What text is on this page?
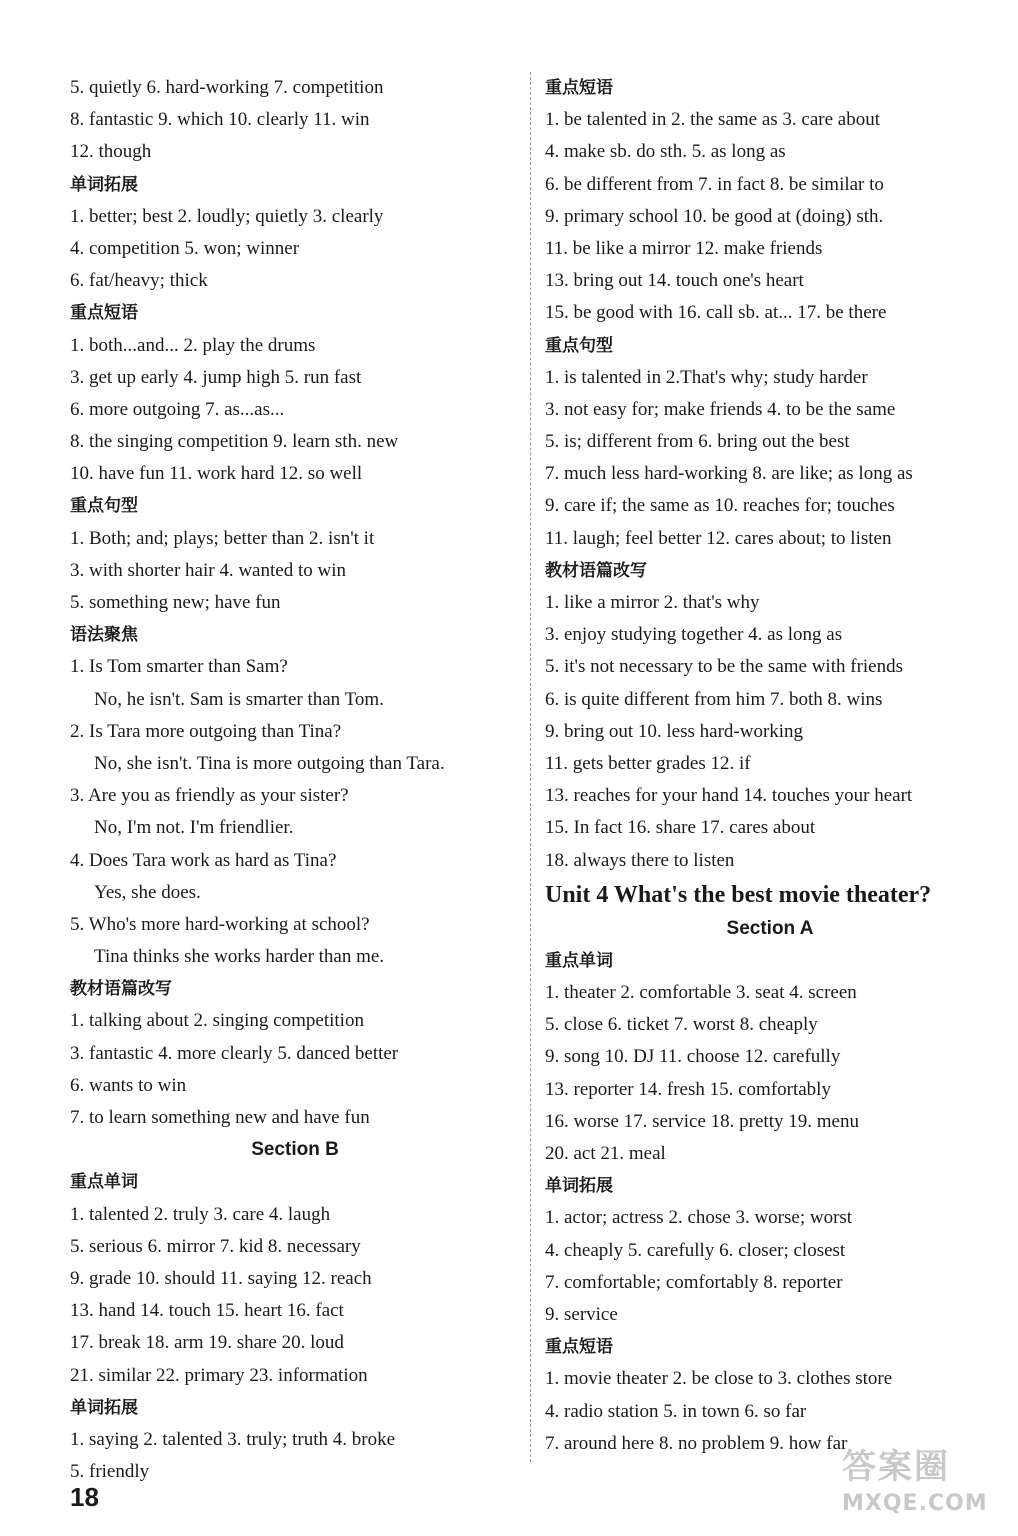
5. quietly 6. hard-working 7. competition
8. fantastic 9. which 10. clearly 11. win
12. though
单词拓展
1. better; best 2. loudly; quietly 3. clearly
4. competition 5. won; winner
6. fat/heavy; thick
重点短语
1. both...and... 2. play the drums
3. get up early 4. jump high 5. run fast
6. more outgoing 7. as...as...
8. the singing competition 9. learn sth. new
10. have fun 11. work hard 12. so well
重点句型
1. Both; and; plays; better than 2. isn't it
3. with shorter hair 4. wanted to win
5. something new; have fun
语法聚焦
1. Is Tom smarter than Sam?
No, he isn't. Sam is smarter than Tom.
2. Is Tara more outgoing than Tina?
No, she isn't. Tina is more outgoing than Tara.
3. Are you as friendly as your sister?
No, I'm not. I'm friendlier.
4. Does Tara work as hard as Tina?
Yes, she does.
5. Who's more hard-working at school?
Tina thinks she works harder than me.
教材语篇改写
1. talking about 2. singing competition
3. fantastic 4. more clearly 5. danced better
6. wants to win
7. to learn something new and have fun
Section B
重点单词
1. talented 2. truly 3. care 4. laugh
5. serious 6. mirror 7. kid 8. necessary
9. grade 10. should 11. saying 12. reach
13. hand 14. touch 15. heart 16. fact
17. break 18. arm 19. share 20. loud
21. similar 22. primary 23. information
单词拓展
1. saying 2. talented 3. truly; truth 4. broke
5. friendly
重点短语
1. be talented in 2. the same as 3. care about
4. make sb. do sth. 5. as long as
6. be different from 7. in fact 8. be similar to
9. primary school 10. be good at (doing) sth.
11. be like a mirror 12. make friends
13. bring out 14. touch one's heart
15. be good with 16. call sb. at... 17. be there
重点句型
1. is talented in 2.That's why; study harder
3. not easy for; make friends 4. to be the same
5. is; different from 6. bring out the best
7. much less hard-working 8. are like; as long as
9. care if; the same as 10. reaches for; touches
11. laugh; feel better 12. cares about; to listen
教材语篇改写
1. like a mirror 2. that's why
3. enjoy studying together 4. as long as
5. it's not necessary to be the same with friends
6. is quite different from him 7. both 8. wins
9. bring out 10. less hard-working
11. gets better grades 12. if
13. reaches for your hand 14. touches your heart
15. In fact 16. share 17. cares about
18. always there to listen
Unit 4 What's the best movie theater?
Section A
重点单词
1. theater 2. comfortable 3. seat 4. screen
5. close 6. ticket 7. worst 8. cheaply
9. song 10. DJ 11. choose 12. carefully
13. reporter 14. fresh 15. comfortably
16. worse 17. service 18. pretty 19. menu
20. act 21. meal
单词拓展
1. actor; actress 2. chose 3. worse; worst
4. cheaply 5. carefully 6. closer; closest
7. comfortable; comfortably 8. reporter
9. service
重点短语
1. movie theater 2. be close to 3. clothes store
4. radio station 5. in town 6. so far
7. around here 8. no problem 9. how far
18
答案圈
MXQE.COM
